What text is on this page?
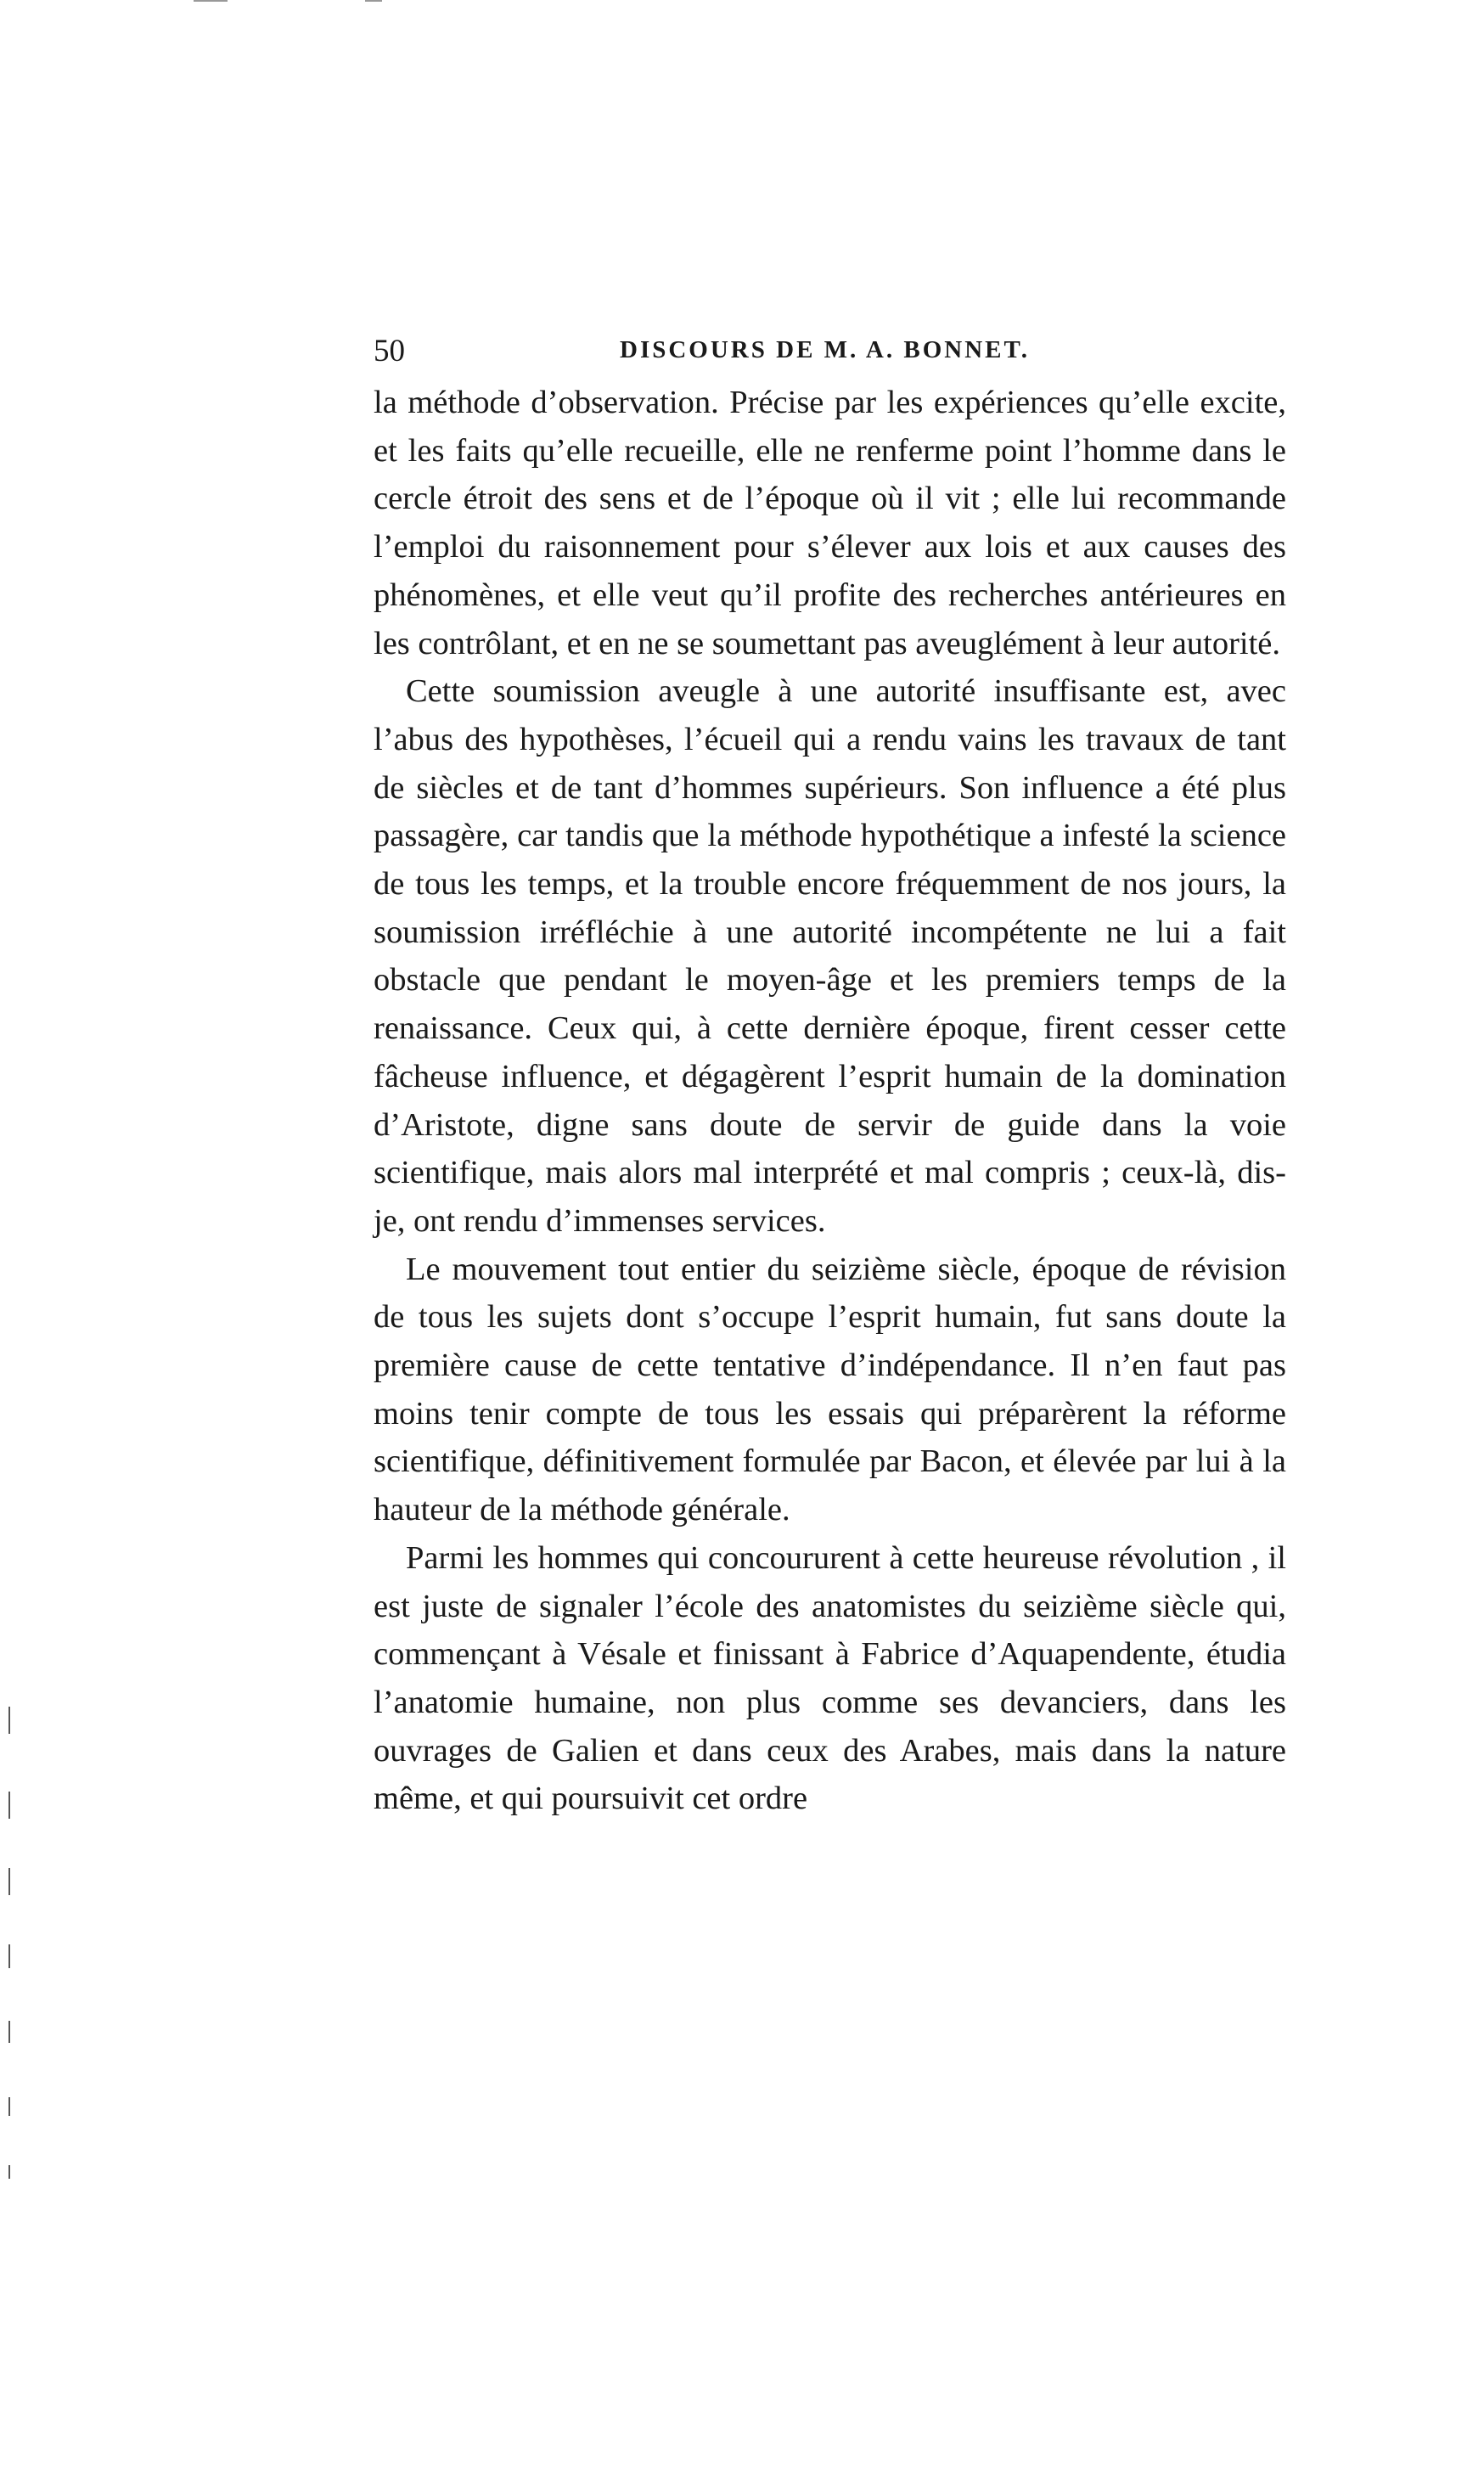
50	DISCOURS DE M. A. BONNET.

la méthode d’observation. Précise par les expériences qu’elle excite, et les faits qu’elle recueille, elle ne renferme point l’homme dans le cercle étroit des sens et de l’époque où il vit ; elle lui recommande l’emploi du raisonnement pour s’élever aux lois et aux causes des phénomènes, et elle veut qu’il profite des recherches antérieures en les contrôlant, et en ne se soumettant pas aveuglément à leur autorité.

Cette soumission aveugle à une autorité insuffisante est, avec l’abus des hypothèses, l’écueil qui a rendu vains les travaux de tant de siècles et de tant d’hommes supérieurs. Son influence a été plus passagère, car tandis que la méthode hypothétique a infesté la science de tous les temps, et la trouble encore fréquemment de nos jours, la soumission irréfléchie à une autorité incompétente ne lui a fait obstacle que pendant le moyen-âge et les premiers temps de la renaissance. Ceux qui, à cette dernière époque, firent cesser cette fâcheuse influence, et dégagèrent l’esprit humain de la domination d’Aristote, digne sans doute de servir de guide dans la voie scientifique, mais alors mal interprété et mal compris ; ceux-là, dis-je, ont rendu d’immenses services.

Le mouvement tout entier du seizième siècle, époque de révision de tous les sujets dont s’occupe l’esprit humain, fut sans doute la première cause de cette tentative d’indépendance. Il n’en faut pas moins tenir compte de tous les essais qui préparèrent la réforme scientifique, définitivement formulée par Bacon, et élevée par lui à la hauteur de la méthode générale.

Parmi les hommes qui concoururent à cette heureuse révolution , il est juste de signaler l’école des anatomistes du seizième siècle qui, commençant à Vésale et finissant à Fabrice d’Aquapendente, étudia l’anatomie humaine, non plus comme ses devanciers, dans les ouvrages de Galien et dans ceux des Arabes, mais dans la nature même, et qui poursuivit cet ordre
